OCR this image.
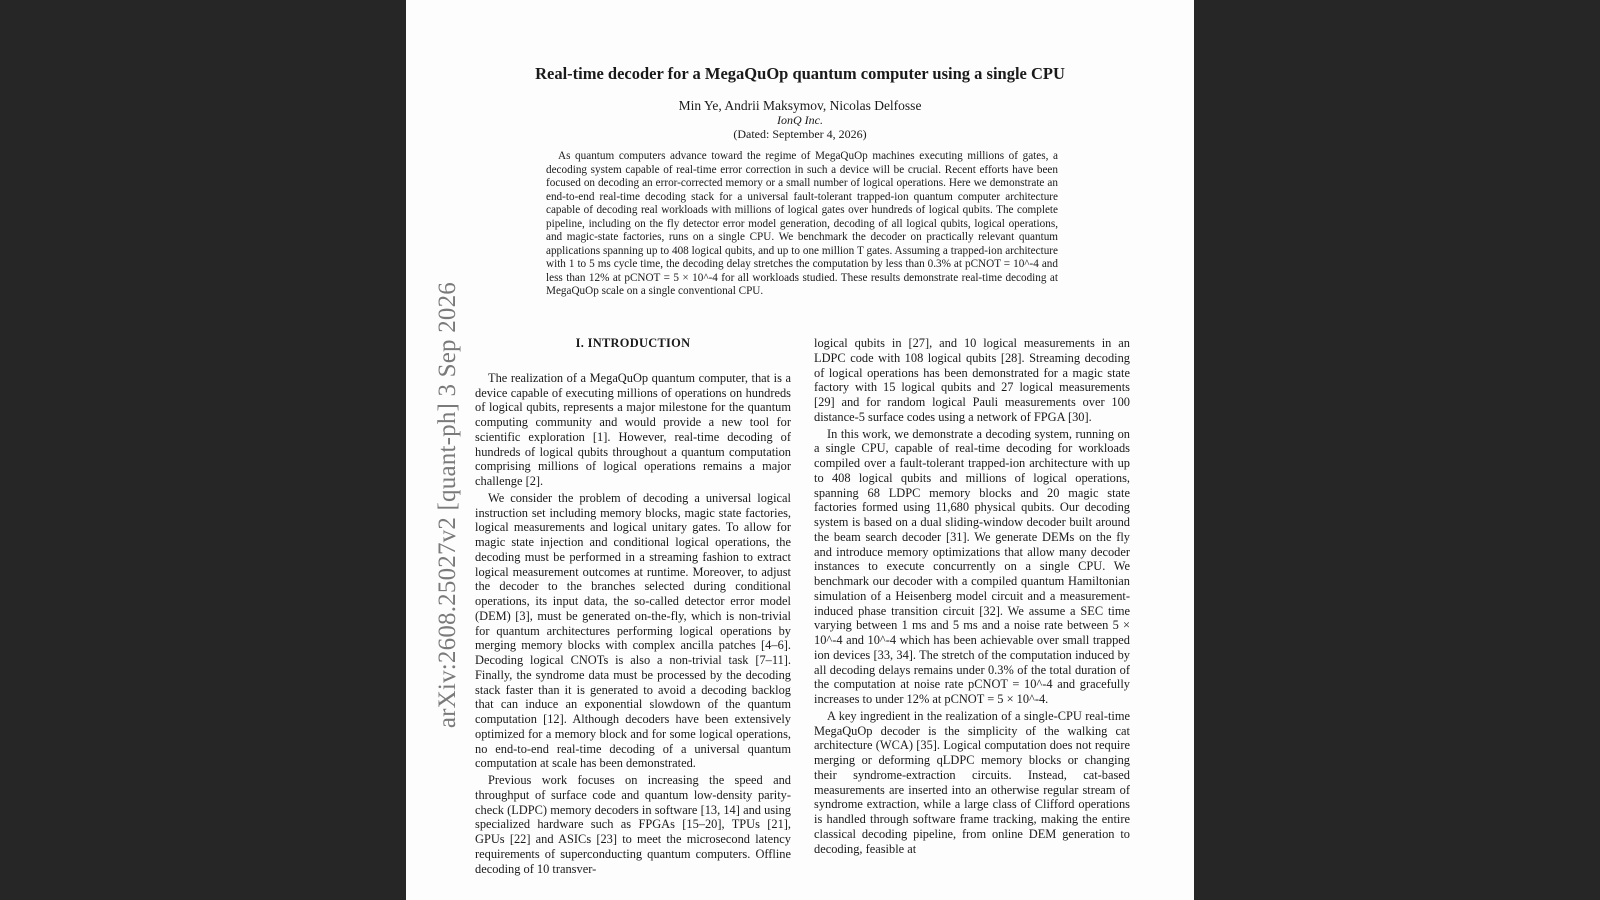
Real-time decoder for a MegaQuOp quantum computer using a single CPU
Min Ye, Andrii Maksymov, Nicolas Delfosse
IonQ Inc.
(Dated: September 4, 2026)
As quantum computers advance toward the regime of MegaQuOp machines executing millions of gates, a decoding system capable of real-time error correction in such a device will be crucial. Recent efforts have been focused on decoding an error-corrected memory or a small number of logical operations. Here we demonstrate an end-to-end real-time decoding stack for a universal fault-tolerant trapped-ion quantum computer architecture capable of decoding real workloads with millions of logical gates over hundreds of logical qubits. The complete pipeline, including on the fly detector error model generation, decoding of all logical qubits, logical operations, and magic-state factories, runs on a single CPU. We benchmark the decoder on practically relevant quantum applications spanning up to 408 logical qubits, and up to one million T gates. Assuming a trapped-ion architecture with 1 to 5 ms cycle time, the decoding delay stretches the computation by less than 0.3% at pCNOT = 10^-4 and less than 12% at pCNOT = 5 × 10^-4 for all workloads studied. These results demonstrate real-time decoding at MegaQuOp scale on a single conventional CPU.
I. INTRODUCTION

The realization of a MegaQuOp quantum computer, that is a device capable of executing millions of operations on hundreds of logical qubits, represents a major milestone for the quantum computing community and would provide a new tool for scientific exploration [1]. However, real-time decoding of hundreds of logical qubits throughout a quantum computation comprising millions of logical operations remains a major challenge [2].

We consider the problem of decoding a universal logical instruction set including memory blocks, magic state factories, logical measurements and logical unitary gates. To allow for magic state injection and conditional logical operations, the decoding must be performed in a streaming fashion to extract logical measurement outcomes at runtime. Moreover, to adjust the decoder to the branches selected during conditional operations, its input data, the so-called detector error model (DEM) [3], must be generated on-the-fly, which is non-trivial for quantum architectures performing logical operations by merging memory blocks with complex ancilla patches [4–6]. Decoding logical CNOTs is also a non-trivial task [7–11]. Finally, the syndrome data must be processed by the decoding stack faster than it is generated to avoid a decoding backlog that can induce an exponential slowdown of the quantum computation [12]. Although decoders have been extensively optimized for a memory block and for some logical operations, no end-to-end real-time decoding of a universal quantum computation at scale has been demonstrated.

Previous work focuses on increasing the speed and throughput of surface code and quantum low-density parity-check (LDPC) memory decoders in software [13, 14] and using specialized hardware such as FPGAs [15–20], TPUs [21], GPUs [22] and ASICs [23] to meet the microsecond latency requirements of superconducting quantum computers. Offline decoding of 10 transver-

logical qubits in [27], and 10 logical measurements in an LDPC code with 108 logical qubits [28]. Streaming decoding of logical operations has been demonstrated for a magic state factory with 15 logical qubits and 27 logical measurements [29] and for random logical Pauli measurements over 100 distance-5 surface codes using a network of FPGA [30].

In this work, we demonstrate a decoding system, running on a single CPU, capable of real-time decoding for workloads compiled over a fault-tolerant trapped-ion architecture with up to 408 logical qubits and millions of logical operations, spanning 68 LDPC memory blocks and 20 magic state factories formed using 11,680 physical qubits. Our decoding system is based on a dual sliding-window decoder built around the beam search decoder [31]. We generate DEMs on the fly and introduce memory optimizations that allow many decoder instances to execute concurrently on a single CPU. We benchmark our decoder with a compiled quantum Hamiltonian simulation of a Heisenberg model circuit and a measurement-induced phase transition circuit [32]. We assume a SEC time varying between 1 ms and 5 ms and a noise rate between 5 × 10^-4 and 10^-4 which has been achievable over small trapped ion devices [33, 34]. The stretch of the computation induced by all decoding delays remains under 0.3% of the total duration of the computation at noise rate pCNOT = 10^-4 and gracefully increases to under 12% at pCNOT = 5 × 10^-4.

A key ingredient in the realization of a single-CPU real-time MegaQuOp decoder is the simplicity of the walking cat architecture (WCA) [35]. Logical computation does not require merging or deforming qLDPC memory blocks or changing their syndrome-extraction circuits. Instead, cat-based measurements are inserted into an otherwise regular stream of syndrome extraction, while a large class of Clifford operations is handled through software frame tracking, making the entire classical decoding pipeline, from online DEM generation to decoding, feasible at

arXiv:2608.25027v2 [quant-ph] 3 Sep 2026
